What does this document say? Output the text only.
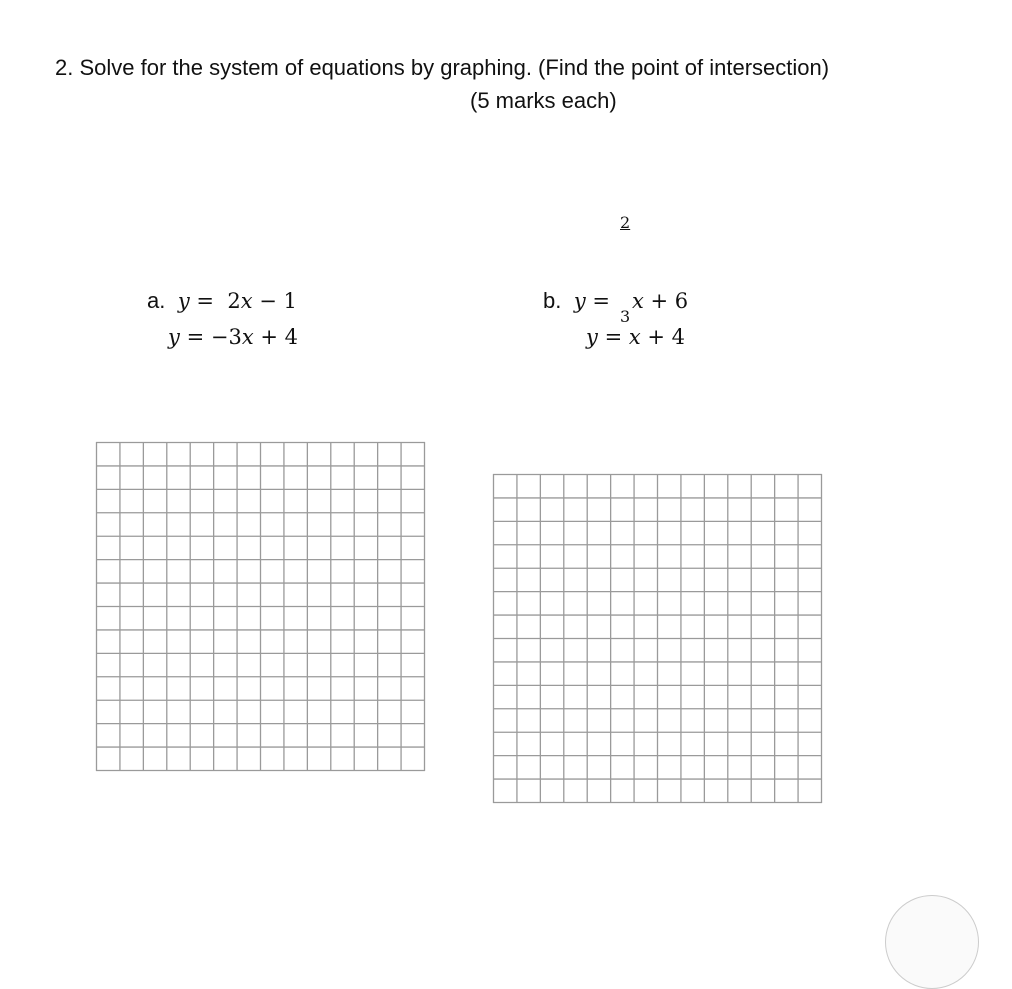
2. Solve for the system of equations by graphing. (Find the point of intersection)
(5 marks each)
a. y = 2x − 1
y = −3x + 4
2
3
b. y = x + 6
y = x + 4
